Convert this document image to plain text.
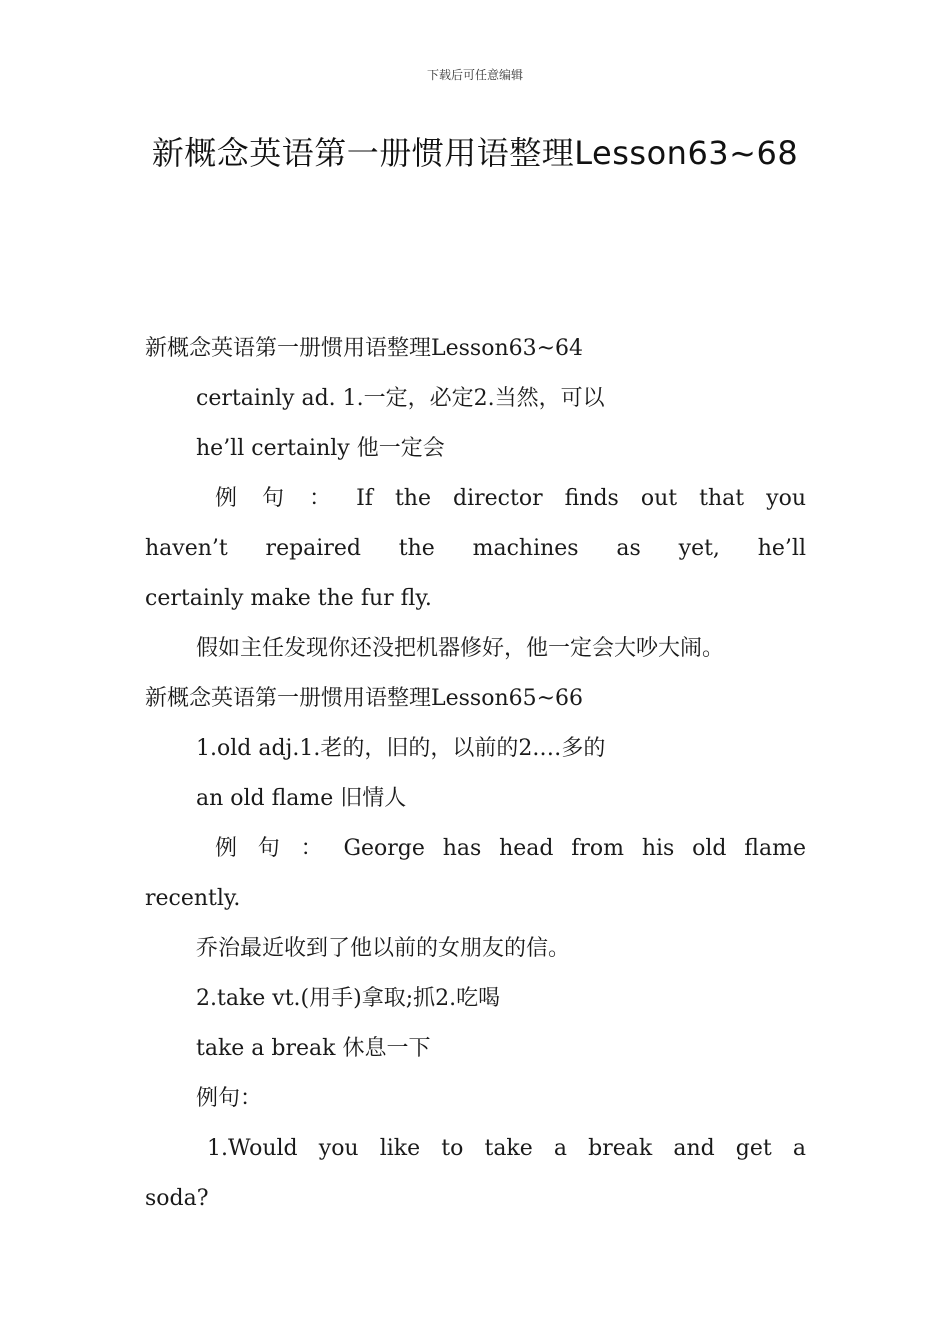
下载后可任意编辑
新概念英语第一册惯用语整理Lesson63~68
新概念英语第一册惯用语整理Lesson63~64
certainly ad. 1.一定，必定2.当然，可以
he’ll certainly 他一定会
例句：If the director finds out that you
haven’t repaired the machines as yet, he’ll
certainly make the fur fly.
假如主任发现你还没把机器修好，他一定会大吵大闹。
新概念英语第一册惯用语整理Lesson65~66
1.old adj.1.老的，旧的，以前的2.…多的
an old flame 旧情人
例句：George has head from his old flame
recently.
乔治最近收到了他以前的女朋友的信。
2.take vt.(用手)拿取;抓2.吃喝
take a break 休息一下
例句：
1.Would you like to take a break and get a
soda?
